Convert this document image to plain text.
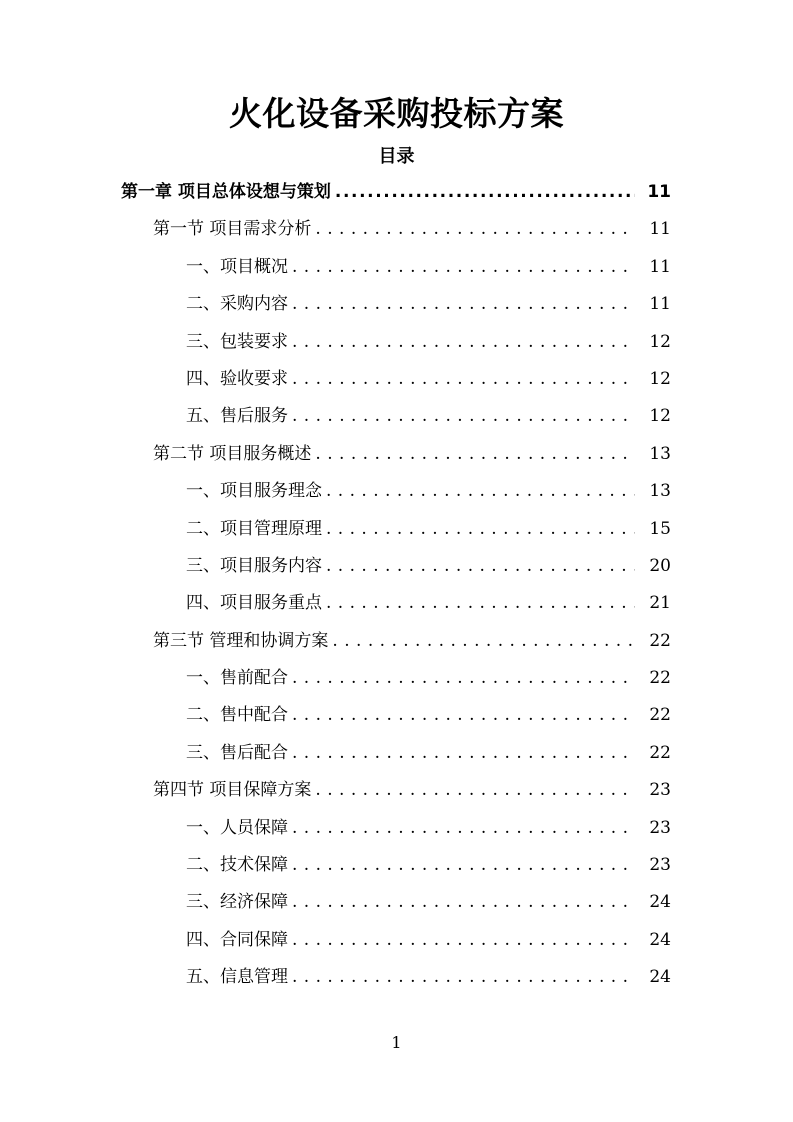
火化设备采购投标方案
目录
第一章 项目总体设想与策划 .....	11
第一节 项目需求分析 . . .	11
一、项目概况 . . .	11
二、采购内容 . . .	11
三、包装要求 . . .	12
四、验收要求 . . .	12
五、售后服务 . . .	12
第二节 项目服务概述 . . .	13
一、项目服务理念 . . .	13
二、项目管理原理 . . .	15
三、项目服务内容 . . .	20
四、项目服务重点 . . .	21
第三节 管理和协调方案 . . .	22
一、售前配合 . . .	22
二、售中配合 . . .	22
三、售后配合 . . .	22
第四节 项目保障方案 . . .	23
一、人员保障 . . .	23
二、技术保障 . . .	23
三、经济保障 . . .	24
四、合同保障 . . .	24
五、信息管理 . . .	24

1
